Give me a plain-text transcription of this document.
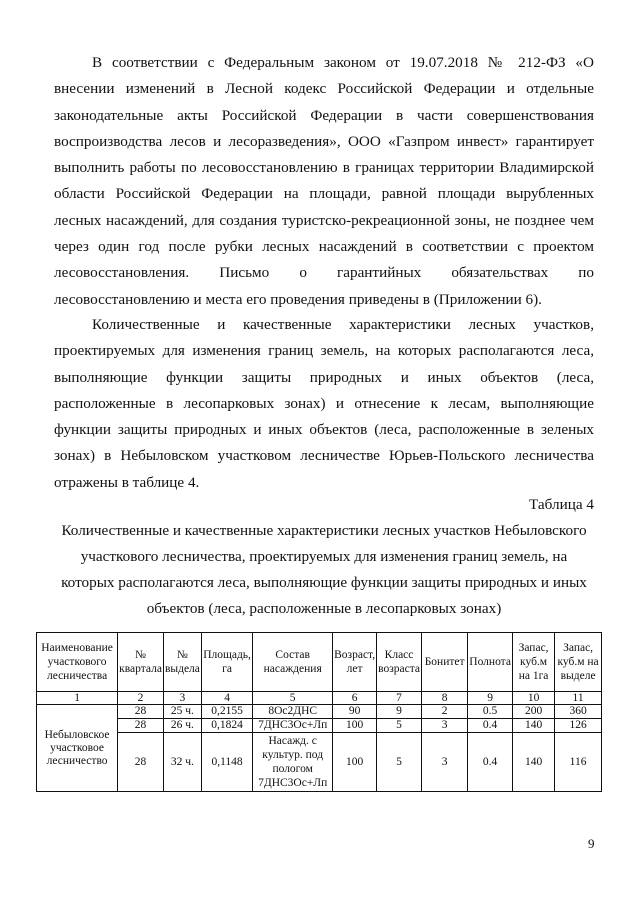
В соответствии с Федеральным законом от 19.07.2018 № 212-ФЗ «О внесении изменений в Лесной кодекс Российской Федерации и отдельные законодательные акты Российской Федерации в части совершенствования воспроизводства лесов и лесоразведения», ООО «Газпром инвест» гарантирует выполнить работы по лесовосстановлению в границах территории Владимирской области Российской Федерации на площади, равной площади вырубленных лесных насаждений, для создания туристско-рекреационной зоны, не позднее чем через один год после рубки лесных насаждений в соответствии с проектом лесовосстановления. Письмо о гарантийных обязательствах по лесовосстановлению и места его проведения приведены в (Приложении 6).

Количественные и качественные характеристики лесных участков, проектируемых для изменения границ земель, на которых располагаются леса, выполняющие функции защиты природных и иных объектов (леса, расположенные в лесопарковых зонах) и отнесение к лесам, выполняющие функции защиты природных и иных объектов (леса, расположенные в зеленых зонах) в Небыловском участковом лесничестве Юрьев-Польского лесничества отражены в таблице 4.

Таблица 4

Количественные и качественные характеристики лесных участков Небыловского участкового лесничества, проектируемых для изменения границ земель, на которых располагаются леса, выполняющие функции защиты природных и иных объектов (леса, расположенные в лесопарковых зонах)

Наименование участкового лесничества	№ квартала	№ выдела	Площадь, га	Состав насаждения	Возраст, лет	Класс возраста	Бонитет	Полнота	Запас, куб.м на 1га	Запас, куб.м на выделе
1	2	3	4	5	6	7	8	9	10	11
Небыловское участковое лесничество	28	25 ч.	0,2155	8Ос2ДНС	90	9	2	0.5	200	360
	28	26 ч.	0,1824	7ДНС3Ос+Лп	100	5	3	0.4	140	126
	28	32 ч.	0,1148	Насажд. с культур. под пологом 7ДНС3Ос+Лп	100	5	3	0.4	140	116

9
